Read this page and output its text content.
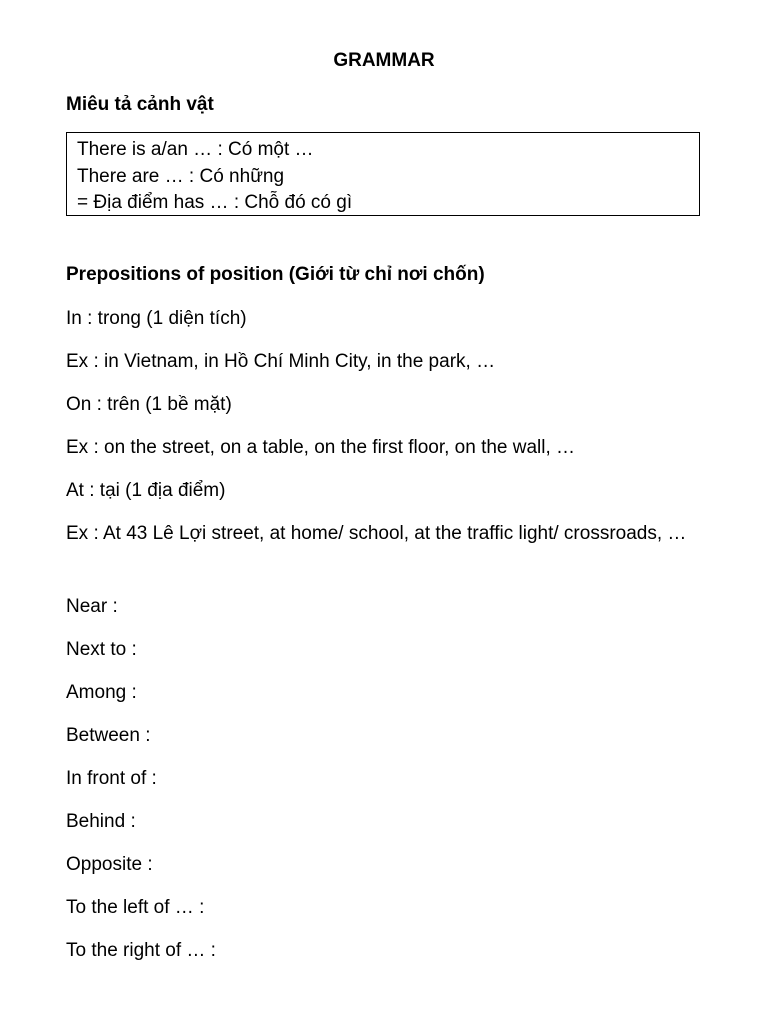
GRAMMAR
Miêu tả cảnh vật
There is a/an … : Có một …
There are … : Có những
= Địa điểm has … : Chỗ đó có gì
Prepositions of position (Giới từ chỉ nơi chốn)
In : trong (1 diện tích)
Ex : in Vietnam, in Hồ Chí Minh City, in the park, …
On : trên (1 bề mặt)
Ex : on the street, on a table, on the first floor, on the wall, …
At : tại (1 địa điểm)
Ex : At 43 Lê Lợi street, at home/ school, at the traffic light/ crossroads, …
Near :
Next to :
Among :
Between :
In front of :
Behind :
Opposite :
To the left of … :
To the right of … :
